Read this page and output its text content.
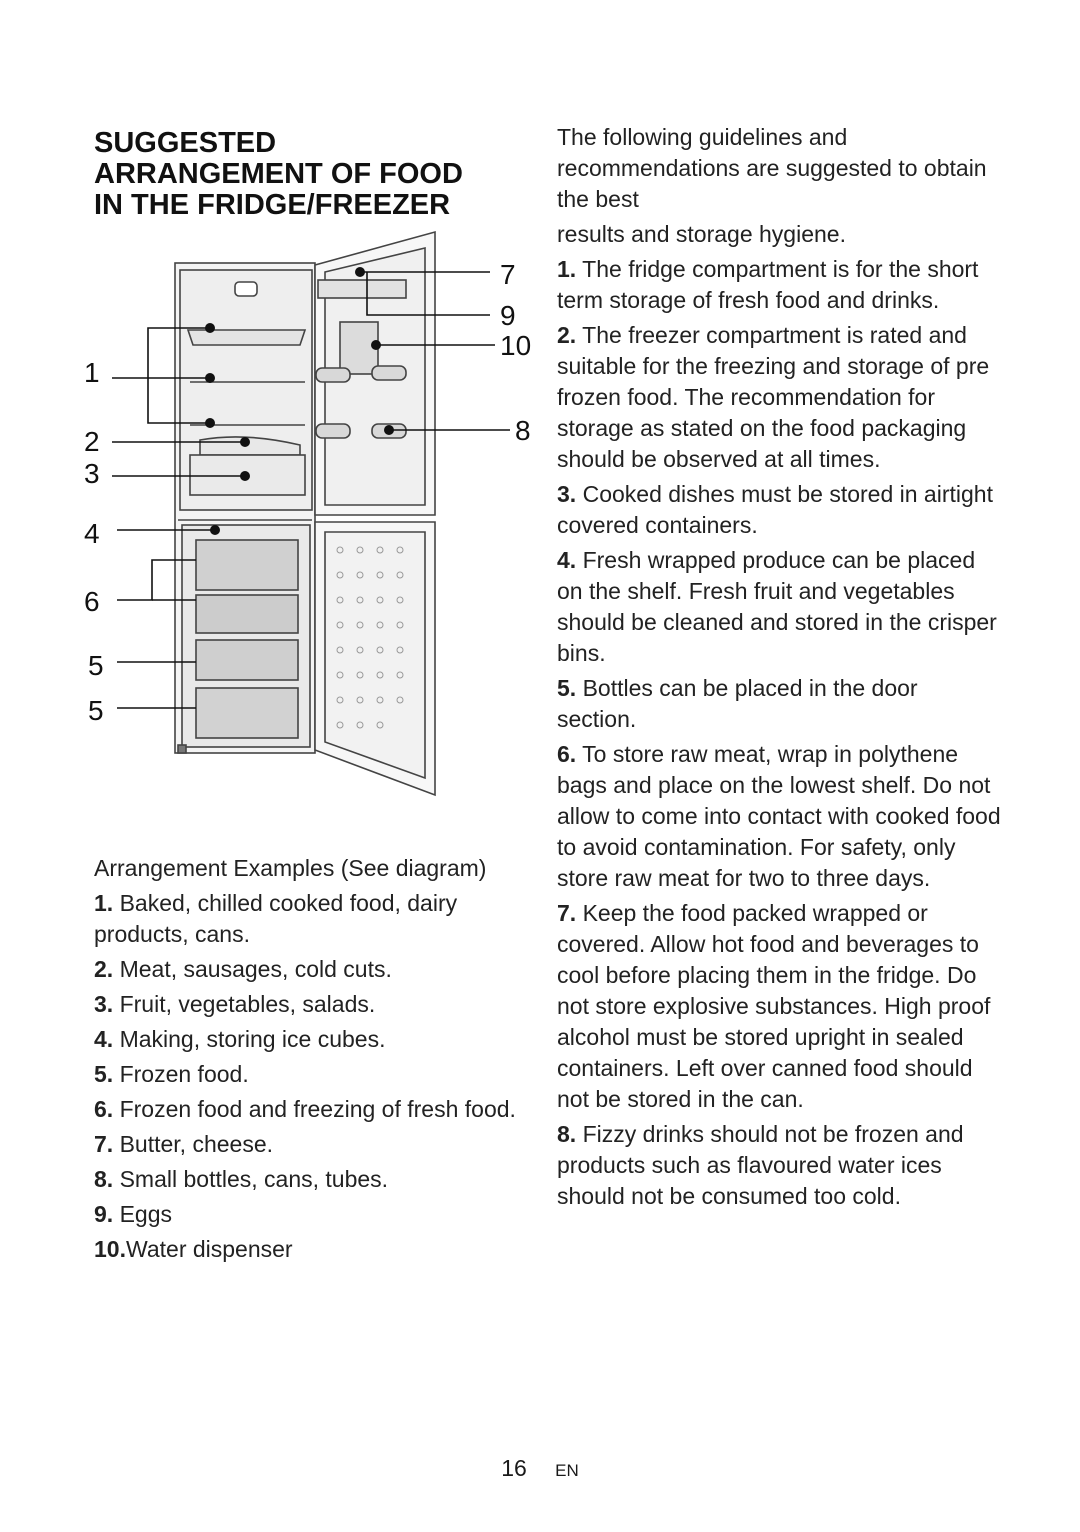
SUGGESTED
ARRANGEMENT OF FOOD
IN THE FRIDGE/FREEZER
1
2
3
4
6
5
5
7
9
10
8
Arrangement Examples (See diagram)
1. Baked, chilled cooked food, dairy products, cans.
2. Meat, sausages, cold cuts.
3. Fruit, vegetables, salads.
4. Making, storing ice cubes.
5. Frozen food.
6. Frozen food and freezing of fresh food.
7. Butter, cheese.
8. Small bottles, cans, tubes.
9. Eggs
10.Water dispenser
The following guidelines and recommendations are suggested to obtain the best
results and storage hygiene.
1. The fridge compartment is for the short term storage of fresh food and drinks.
2. The freezer compartment is rated and suitable for the freezing and storage of pre frozen food. The recommendation for storage as stated on the food packaging should be observed at all times.
3. Cooked dishes must be stored in airtight covered containers.
4. Fresh wrapped produce can be placed on the shelf. Fresh fruit and vegetables should be cleaned and stored in the crisper bins.
5. Bottles can be placed in the door section.
6. To store raw meat, wrap in polythene bags and place on the lowest shelf. Do not allow to come into contact with cooked food to avoid contamination. For safety, only store raw meat for two to three days.
7. Keep the food packed wrapped or covered. Allow hot food and beverages to cool before placing them in the fridge. Do not store explosive substances. High proof alcohol must be stored upright in sealed containers. Left over canned food should not be stored in the can.
8. Fizzy drinks should not be frozen and products such as flavoured water ices should not be consumed too cold.
16 EN
